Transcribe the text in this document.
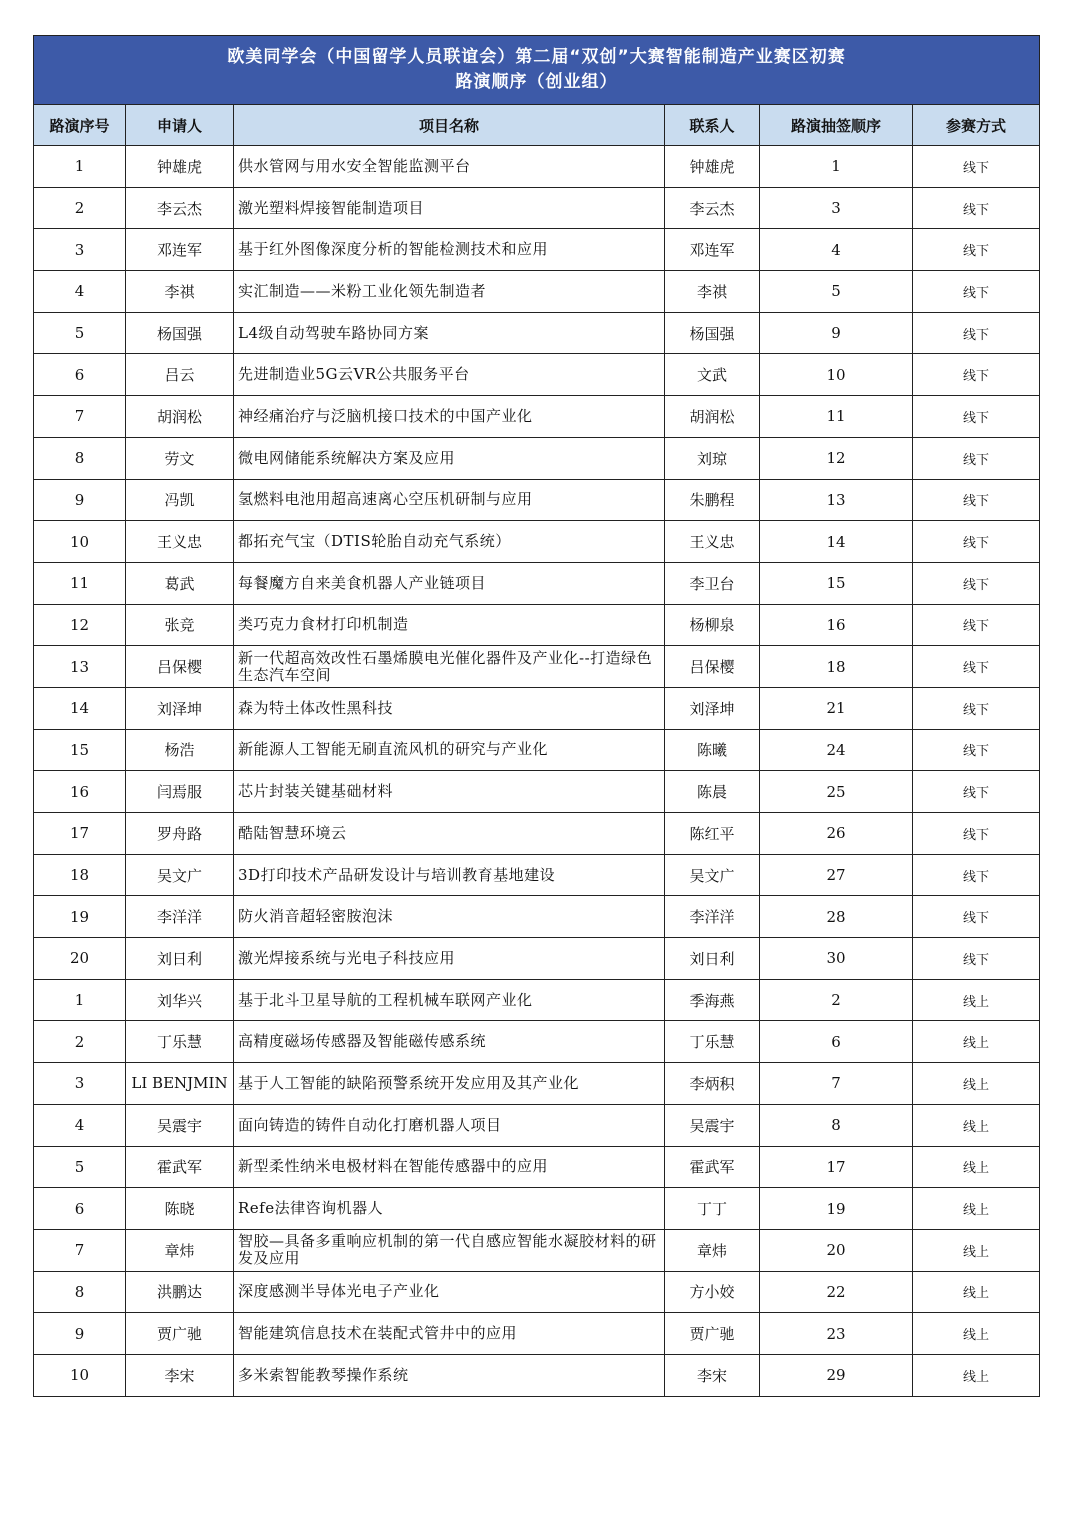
欧美同学会（中国留学人员联谊会）第二届“双创”大赛智能制造产业赛区初赛
路演顺序（创业组）					

路演序号	申请人	项目名称	联系人	路演抽签顺序	参赛方式
1	钟雄虎	供水管网与用水安全智能监测平台	钟雄虎	1	线下
2	李云杰	激光塑料焊接智能制造项目	李云杰	3	线下
3	邓连军	基于红外图像深度分析的智能检测技术和应用	邓连军	4	线下
4	李祺	实汇制造——米粉工业化领先制造者	李祺	5	线下
5	杨国强	L4级自动驾驶车路协同方案	杨国强	9	线下
6	吕云	先进制造业5G云VR公共服务平台	文武	10	线下
7	胡润松	神经痛治疗与泛脑机接口技术的中国产业化	胡润松	11	线下
8	劳文	微电网储能系统解决方案及应用	刘琼	12	线下
9	冯凯	氢燃料电池用超高速离心空压机研制与应用	朱鹏程	13	线下
10	王义忠	都拓充气宝（DTIS轮胎自动充气系统）	王义忠	14	线下
11	葛武	每餐魔方自来美食机器人产业链项目	李卫台	15	线下
12	张竞	类巧克力食材打印机制造	杨柳泉	16	线下
13	吕保樱	新一代超高效改性石墨烯膜电光催化器件及产业化--打造绿色生态汽车空间	吕保樱	18	线下
14	刘泽坤	森为特土体改性黑科技	刘泽坤	21	线下
15	杨浩	新能源人工智能无刷直流风机的研究与产业化	陈曦	24	线下
16	闫焉服	芯片封装关键基础材料	陈晨	25	线下
17	罗舟路	酷陆智慧环境云	陈红平	26	线下
18	吴文广	3D打印技术产品研发设计与培训教育基地建设	吴文广	27	线下
19	李洋洋	防火消音超轻密胺泡沫	李洋洋	28	线下
20	刘日利	激光焊接系统与光电子科技应用	刘日利	30	线下
1	刘华兴	基于北斗卫星导航的工程机械车联网产业化	季海燕	2	线上
2	丁乐慧	高精度磁场传感器及智能磁传感系统	丁乐慧	6	线上
3	LI BENJMIN	基于人工智能的缺陷预警系统开发应用及其产业化	李炳积	7	线上
4	吴震宇	面向铸造的铸件自动化打磨机器人项目	吴震宇	8	线上
5	霍武军	新型柔性纳米电极材料在智能传感器中的应用	霍武军	17	线上
6	陈晓	Refe法律咨询机器人	丁丁	19	线上
7	章炜	智胶—具备多重响应机制的第一代自感应智能水凝胶材料的研发及应用	章炜	20	线上
8	洪鹏达	深度感测半导体光电子产业化	方小姣	22	线上
9	贾广驰	智能建筑信息技术在装配式管井中的应用	贾广驰	23	线上
10	李宋	多米索智能教琴操作系统	李宋	29	线上
